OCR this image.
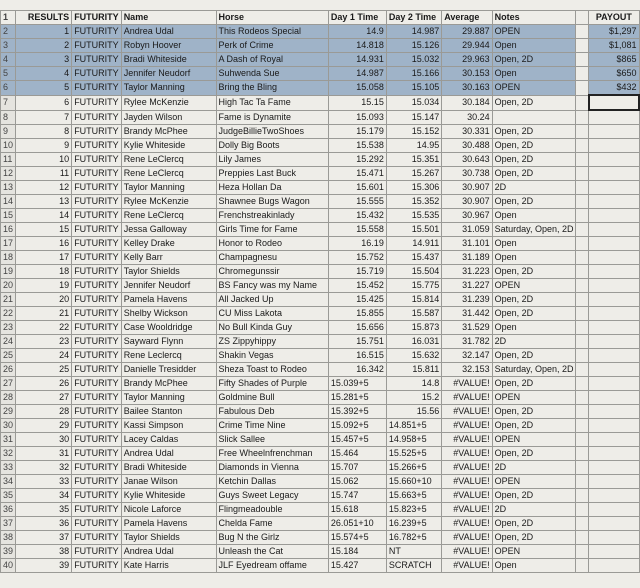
1	RESULTS	FUTURITY	Name	Horse	Day 1 Time	Day 2 Time	Average	Notes		PAYOUT
2	1	FUTURITY	Andrea Udal	This Rodeos Special	14.9	14.987	29.887	OPEN		$1,297
3	2	FUTURITY	Robyn Hoover	Perk of Crime	14.818	15.126	29.944	Open		$1,081
4	3	FUTURITY	Bradi Whiteside	A Dash of Royal	14.931	15.032	29.963	Open, 2D		$865
5	4	FUTURITY	Jennifer Neudorf	Suhwenda Sue	14.987	15.166	30.153	Open		$650
6	5	FUTURITY	Taylor Manning	Bring the Bling	15.058	15.105	30.163	OPEN		$432
7	6	FUTURITY	Rylee McKenzie	High Tac Ta Fame	15.15	15.034	30.184	Open, 2D		
8	7	FUTURITY	Jayden Wilson	Fame is Dynamite	15.093	15.147	30.24			
9	8	FUTURITY	Brandy McPhee	JudgeBillieTwoShoes	15.179	15.152	30.331	Open, 2D		
10	9	FUTURITY	Kylie Whiteside	Dolly Big Boots	15.538	14.95	30.488	Open, 2D		
11	10	FUTURITY	Rene LeClercq	Lily James	15.292	15.351	30.643	Open, 2D		
12	11	FUTURITY	Rene LeClercq	Preppies Last Buck	15.471	15.267	30.738	Open, 2D		
13	12	FUTURITY	Taylor Manning	Heza Hollan Da	15.601	15.306	30.907	2D		
14	13	FUTURITY	Rylee McKenzie	Shawnee Bugs Wagon	15.555	15.352	30.907	Open, 2D		
15	14	FUTURITY	Rene LeClercq	Frenchstreakinlady	15.432	15.535	30.967	Open		
16	15	FUTURITY	Jessa Galloway	Girls Time for Fame	15.558	15.501	31.059	Saturday, Open, 2D		
17	16	FUTURITY	Kelley Drake	Honor to Rodeo	16.19	14.911	31.101	Open		
18	17	FUTURITY	Kelly Barr	Champagnesu	15.752	15.437	31.189	Open		
19	18	FUTURITY	Taylor Shields	Chromegunssir	15.719	15.504	31.223	Open, 2D		
20	19	FUTURITY	Jennifer Neudorf	BS Fancy was my Name	15.452	15.775	31.227	OPEN		
21	20	FUTURITY	Pamela Havens	All Jacked Up	15.425	15.814	31.239	Open, 2D		
22	21	FUTURITY	Shelby Wickson	CU Miss Lakota	15.855	15.587	31.442	Open, 2D		
23	22	FUTURITY	Case Wooldridge	No Bull Kinda Guy	15.656	15.873	31.529	Open		
24	23	FUTURITY	Sayward Flynn	ZS Zippyhippy	15.751	16.031	31.782	2D		
25	24	FUTURITY	Rene Leclercq	Shakin Vegas	16.515	15.632	32.147	Open, 2D		
26	25	FUTURITY	Danielle Tresidder	Sheza Toast to Rodeo	16.342	15.811	32.153	Saturday, Open, 2D		
27	26	FUTURITY	Brandy McPhee	Fifty Shades of Purple	15.039+5	14.8	#VALUE!	Open, 2D		
28	27	FUTURITY	Taylor Manning	Goldmine Bull	15.281+5	15.2	#VALUE!	OPEN		
29	28	FUTURITY	Bailee Stanton	Fabulous Deb	15.392+5	15.56	#VALUE!	Open, 2D		
30	29	FUTURITY	Kassi Simpson	Crime Time Nine	15.092+5	14.851+5	#VALUE!	Open, 2D		
31	30	FUTURITY	Lacey Caldas	Slick Sallee	15.457+5	14.958+5	#VALUE!	OPEN		
32	31	FUTURITY	Andrea Udal	Free Wheelnfrenchman	15.464	15.525+5	#VALUE!	Open, 2D		
33	32	FUTURITY	Bradi Whiteside	Diamonds in Vienna	15.707	15.266+5	#VALUE!	2D		
34	33	FUTURITY	Janae Wilson	Ketchin Dallas	15.062	15.660+10	#VALUE!	OPEN		
35	34	FUTURITY	Kylie Whiteside	Guys Sweet Legacy	15.747	15.663+5	#VALUE!	Open, 2D		
36	35	FUTURITY	Nicole Laforce	Flingmeadouble	15.618	15.823+5	#VALUE!	2D		
37	36	FUTURITY	Pamela Havens	Chelda Fame	26.051+10	16.239+5	#VALUE!	Open, 2D		
38	37	FUTURITY	Taylor Shields	Bug N the Girlz	15.574+5	16.782+5	#VALUE!	Open, 2D		
39	38	FUTURITY	Andrea Udal	Unleash the Cat	15.184	NT	#VALUE!	OPEN		
40	39	FUTURITY	Kate Harris	JLF Eyedream offame	15.427	SCRATCH	#VALUE!	Open		
